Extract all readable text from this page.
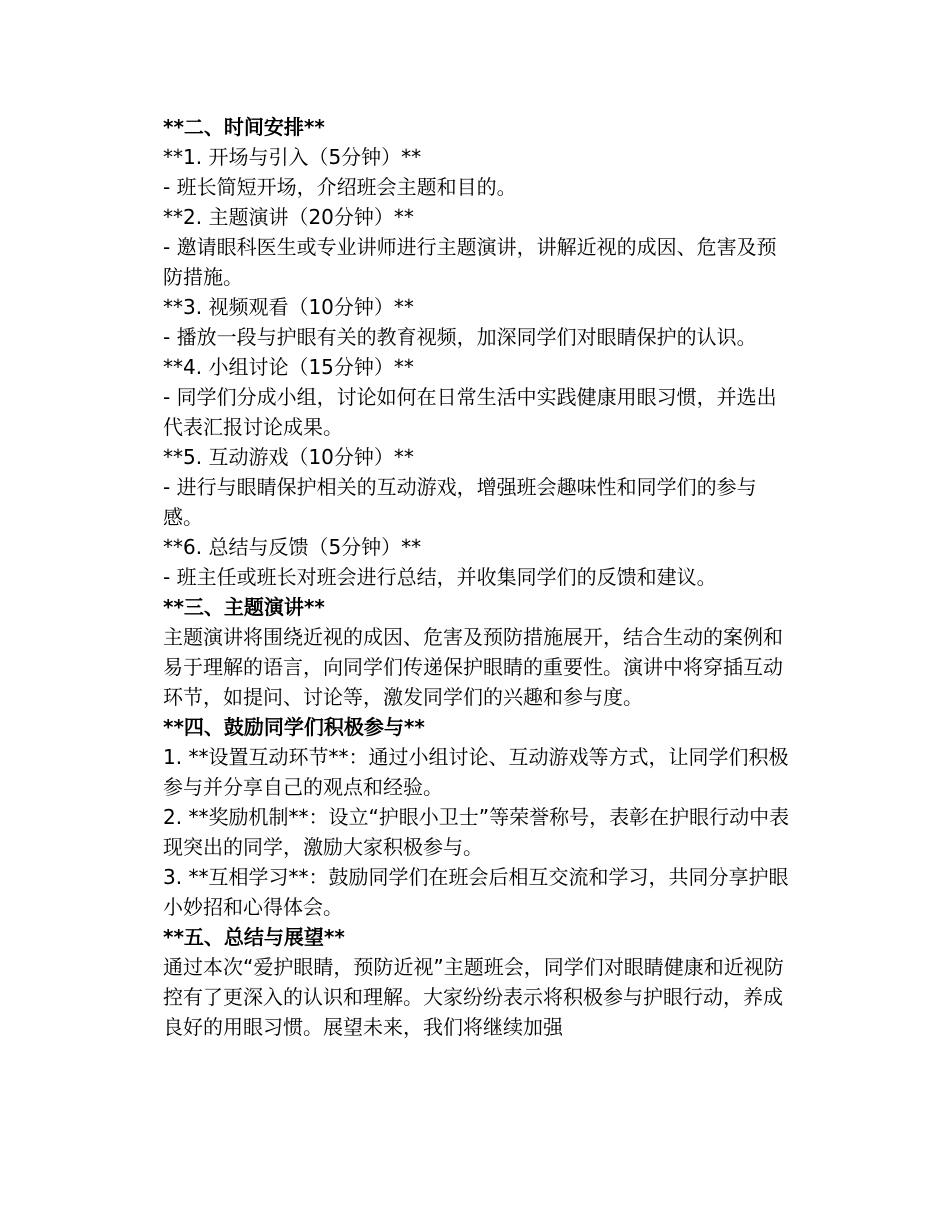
**二、时间安排**
**1. 开场与引入（5分钟）**
- 班长简短开场，介绍班会主题和目的。
**2. 主题演讲（20分钟）**
- 邀请眼科医生或专业讲师进行主题演讲，讲解近视的成因、危害及预防措施。
**3. 视频观看（10分钟）**
- 播放一段与护眼有关的教育视频，加深同学们对眼睛保护的认识。
**4. 小组讨论（15分钟）**
- 同学们分成小组，讨论如何在日常生活中实践健康用眼习惯，并选出代表汇报讨论成果。
**5. 互动游戏（10分钟）**
- 进行与眼睛保护相关的互动游戏，增强班会趣味性和同学们的参与感。
**6. 总结与反馈（5分钟）**
- 班主任或班长对班会进行总结，并收集同学们的反馈和建议。
**三、主题演讲**
主题演讲将围绕近视的成因、危害及预防措施展开，结合生动的案例和易于理解的语言，向同学们传递保护眼睛的重要性。演讲中将穿插互动环节，如提问、讨论等，激发同学们的兴趣和参与度。
**四、鼓励同学们积极参与**
1. **设置互动环节**：通过小组讨论、互动游戏等方式，让同学们积极参与并分享自己的观点和经验。
2. **奖励机制**：设立“护眼小卫士”等荣誉称号，表彰在护眼行动中表现突出的同学，激励大家积极参与。
3. **互相学习**：鼓励同学们在班会后相互交流和学习，共同分享护眼小妙招和心得体会。
**五、总结与展望**
通过本次“爱护眼睛，预防近视”主题班会，同学们对眼睛健康和近视防控有了更深入的认识和理解。大家纷纷表示将积极参与护眼行动，养成良好的用眼习惯。展望未来，我们将继续加强
